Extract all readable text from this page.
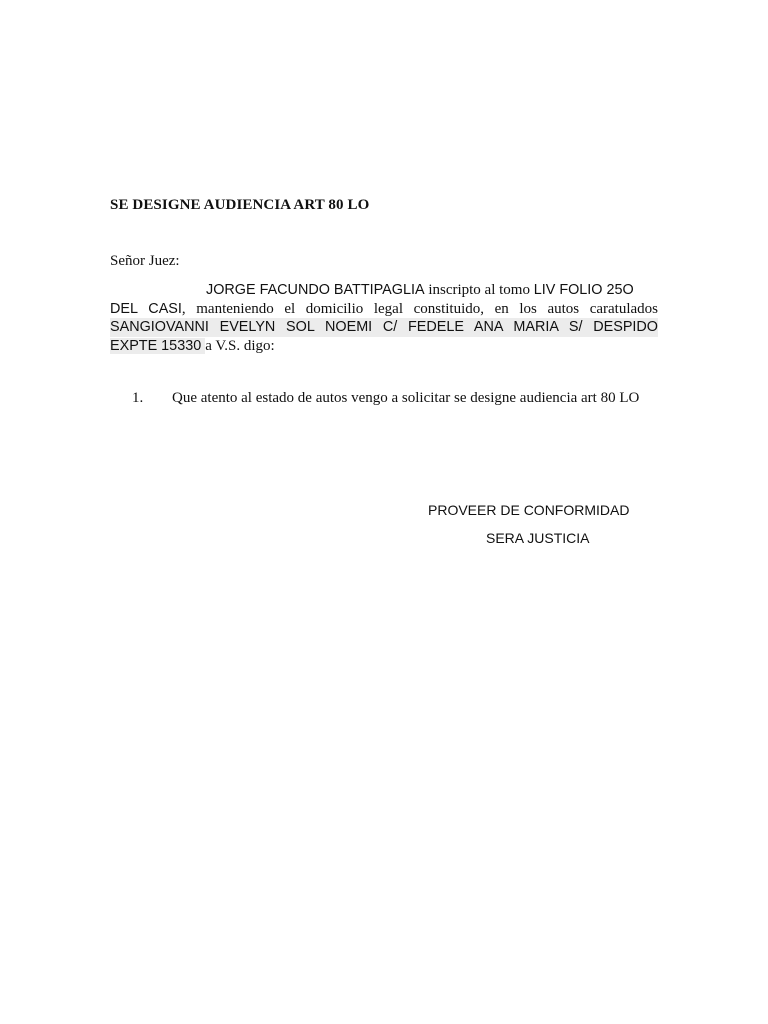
SE DESIGNE AUDIENCIA ART 80 LO
Señor Juez:
JORGE FACUNDO BATTIPAGLIA inscripto al tomo LIV FOLIO 25O
DEL CASI, manteniendo el domicilio legal constituido, en los autos caratulados
SANGIOVANNI EVELYN SOL NOEMI C/ FEDELE ANA MARIA S/ DESPIDO
EXPTE 15330 a V.S. digo:
1. Que atento al estado de autos vengo a solicitar se designe audiencia art 80 LO
PROVEER DE CONFORMIDAD
SERA JUSTICIA
